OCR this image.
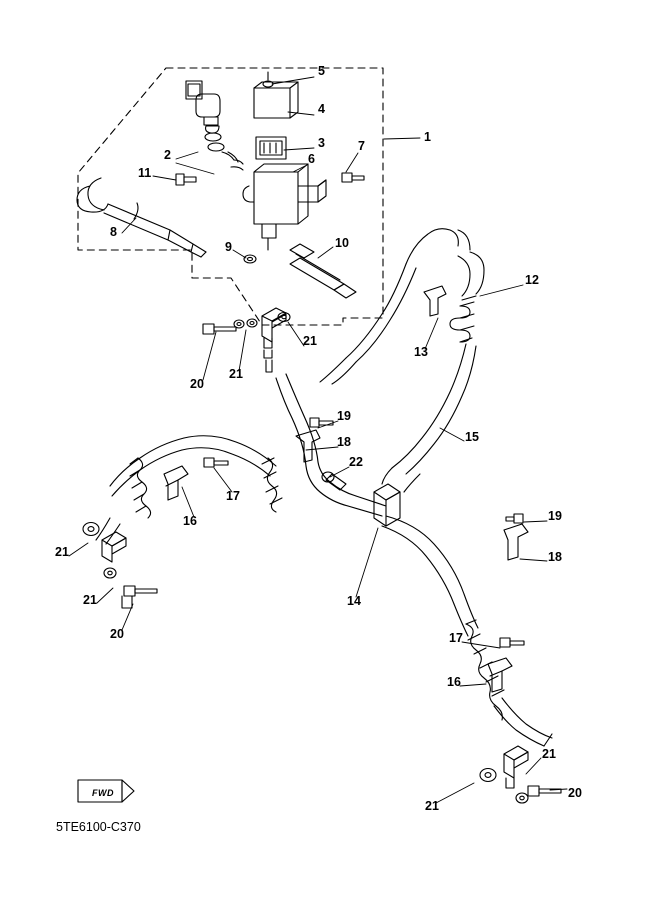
5
4
1
3
2	6
7
11
8
9	10
12
13
21
21
20
19
15
18
22
17
16	19
21	18
21	14
20	17
16
21
20
21
FWD
5TE6100-C370
